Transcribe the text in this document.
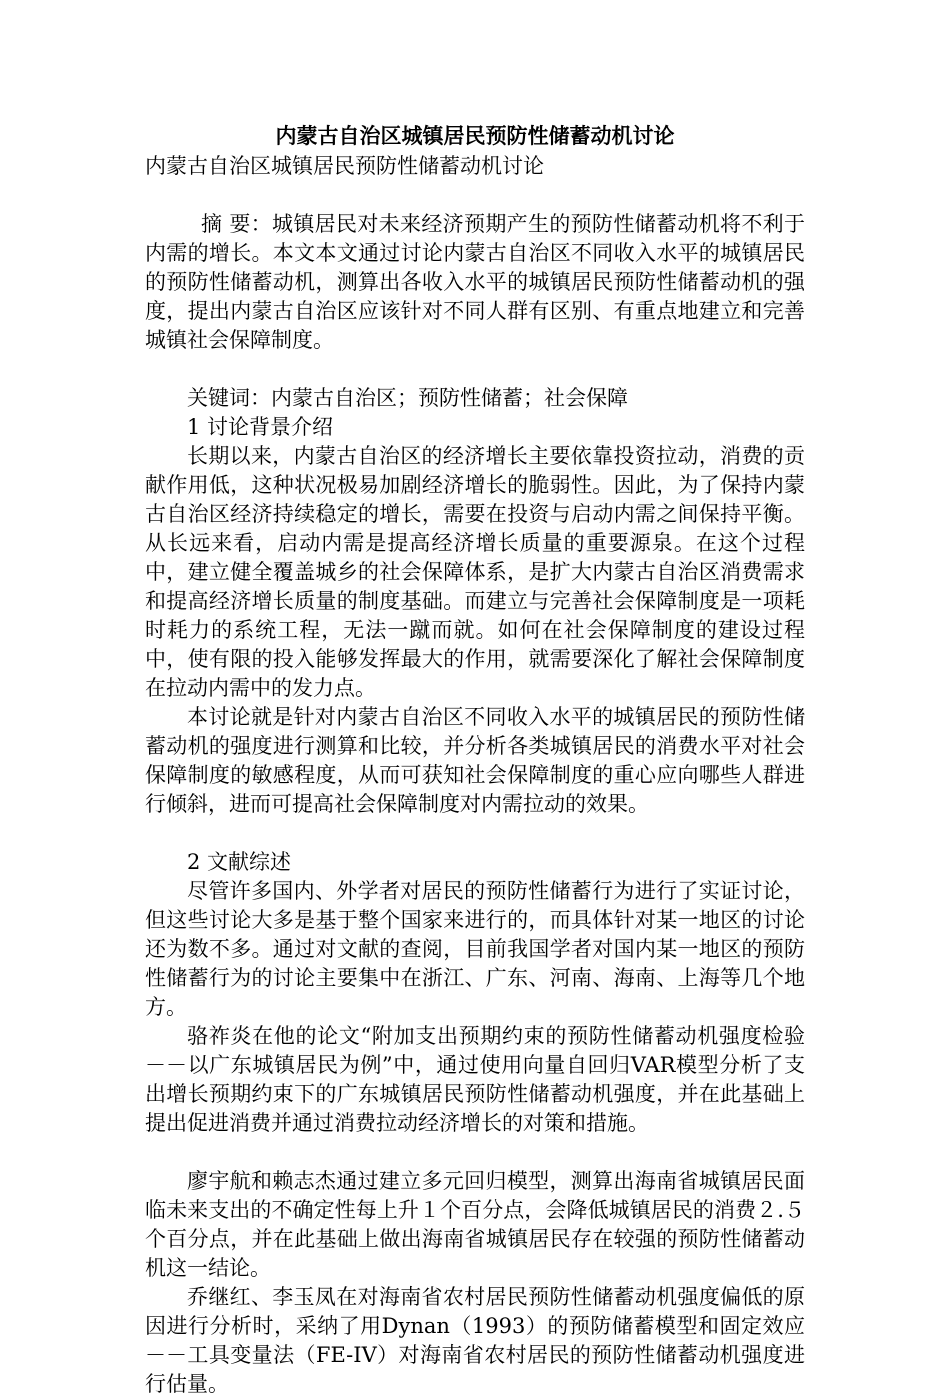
内蒙古自治区城镇居民预防性储蓄动机讨论

内蒙古自治区城镇居民预防性储蓄动机讨论

摘 要：城镇居民对未来经济预期产生的预防性储蓄动机将不利于内需的增长。本文本文通过讨论内蒙古自治区不同收入水平的城镇居民的预防性储蓄动机，测算出各收入水平的城镇居民预防性储蓄动机的强度，提出内蒙古自治区应该针对不同人群有区别、有重点地建立和完善城镇社会保障制度。

关键词：内蒙古自治区；预防性储蓄；社会保障

1 讨论背景介绍

长期以来，内蒙古自治区的经济增长主要依靠投资拉动，消费的贡献作用低，这种状况极易加剧经济增长的脆弱性。因此，为了保持内蒙古自治区经济持续稳定的增长，需要在投资与启动内需之间保持平衡。从长远来看，启动内需是提高经济增长质量的重要源泉。在这个过程中，建立健全覆盖城乡的社会保障体系，是扩大内蒙古自治区消费需求和提高经济增长质量的制度基础。而建立与完善社会保障制度是一项耗时耗力的系统工程，无法一蹴而就。如何在社会保障制度的建设过程中，使有限的投入能够发挥最大的作用，就需要深化了解社会保障制度在拉动内需中的发力点。

本讨论就是针对内蒙古自治区不同收入水平的城镇居民的预防性储蓄动机的强度进行测算和比较，并分析各类城镇居民的消费水平对社会保障制度的敏感程度，从而可获知社会保障制度的重心应向哪些人群进行倾斜，进而可提高社会保障制度对内需拉动的效果。

2 文献综述

尽管许多国内、外学者对居民的预防性储蓄行为进行了实证讨论，但这些讨论大多是基于整个国家来进行的，而具体针对某一地区的讨论还为数不多。通过对文献的查阅，目前我国学者对国内某一地区的预防性储蓄行为的讨论主要集中在浙江、广东、河南、海南、上海等几个地方。

骆祚炎在他的论文“附加支出预期约束的预防性储蓄动机强度检验－－以广东城镇居民为例”中，通过使用向量自回归VAR模型分析了支出增长预期约束下的广东城镇居民预防性储蓄动机强度，并在此基础上提出促进消费并通过消费拉动经济增长的对策和措施。

廖宇航和赖志杰通过建立多元回归模型，测算出海南省城镇居民面临未来支出的不确定性每上升１个百分点，会降低城镇居民的消费２.５个百分点，并在此基础上做出海南省城镇居民存在较强的预防性储蓄动机这一结论。

乔继红、李玉凤在对海南省农村居民预防性储蓄动机强度偏低的原因进行分析时，采纳了用Dynan（1993）的预防储蓄模型和固定效应－－工具变量法（FE-IV）对海南省农村居民的预防性储蓄动机强度进行估量。
